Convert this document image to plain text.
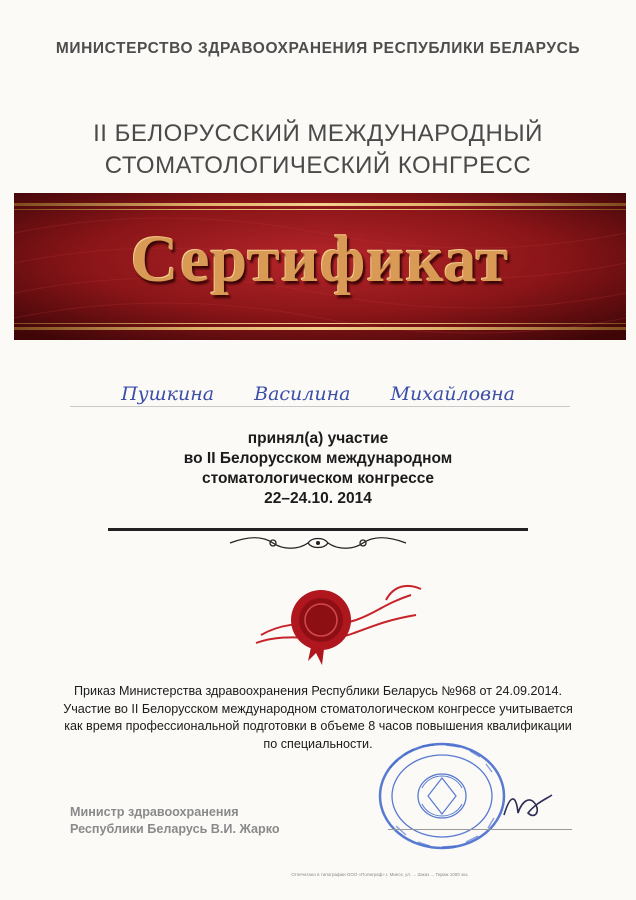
МИНИСТЕРСТВО ЗДРАВООХРАНЕНИЯ РЕСПУБЛИКИ БЕЛАРУСЬ
II БЕЛОРУССКИЙ МЕЖДУНАРОДНЫЙ
СТОМАТОЛОГИЧЕСКИЙ КОНГРЕСС
Сертификат
Пушкина Василина Михайловна
принял(а) участие
во II Белорусском международном
стоматологическом конгрессе
22–24.10. 2014
Приказ Министерства здравоохранения Республики Беларусь №968 от 24.09.2014.
Участие во II Белорусском международном стоматологическом конгрессе учитывается
как время профессиональной подготовки в объеме 8 часов повышения квалификации
по специальности.
Министр здравоохранения
Республики Беларусь В.И. Жарко
Отпечатано в типографии ООО «Полиграф» г. Минск, ул. ... Заказ ... Тираж 1000 экз.
